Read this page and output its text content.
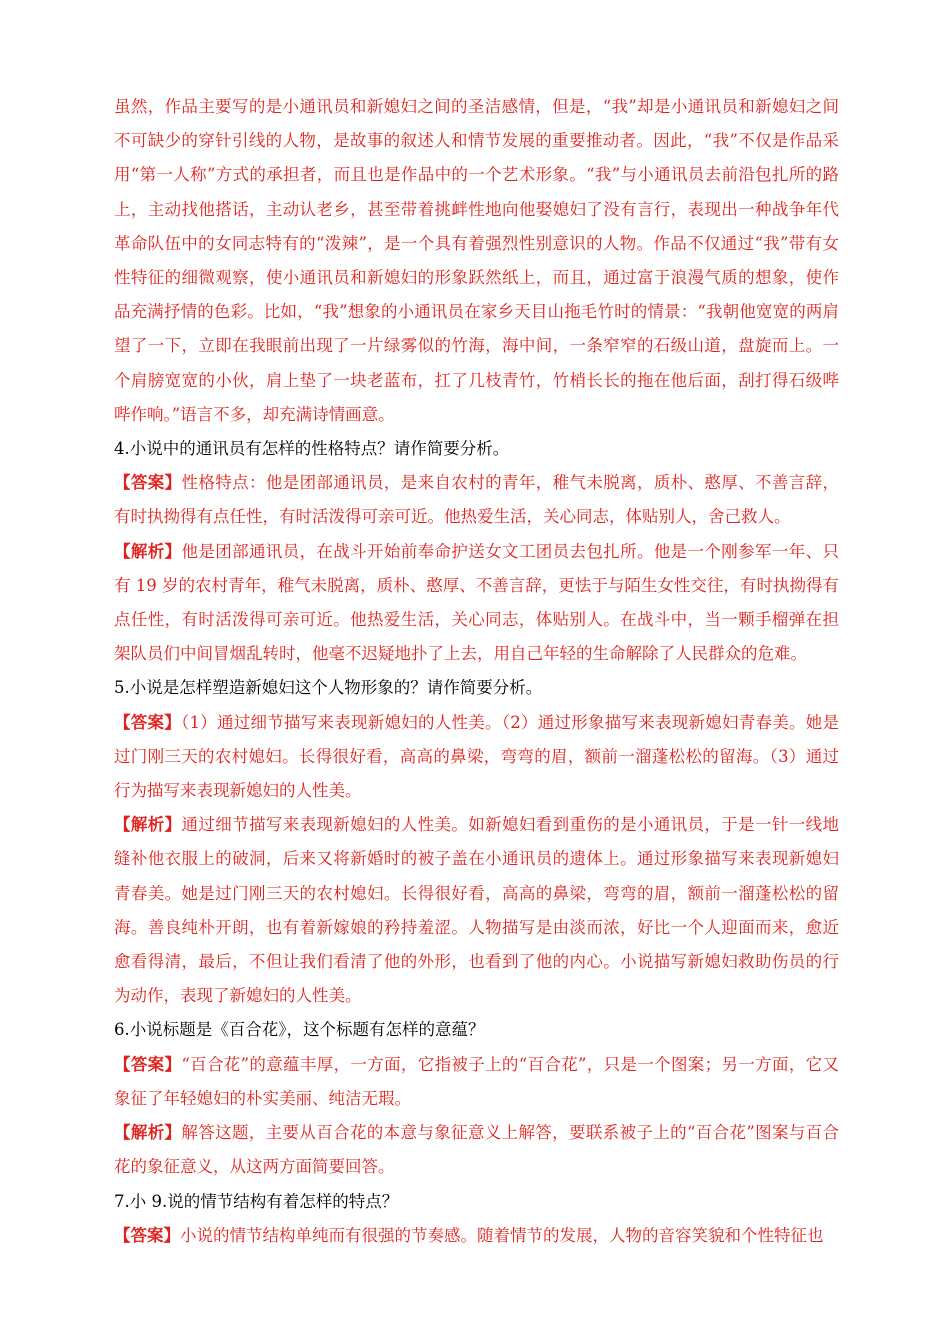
虽然，作品主要写的是小通讯员和新媳妇之间的圣洁感情，但是，“我”却是小通讯员和新媳妇之间不可缺少的穿针引线的人物，是故事的叙述人和情节发展的重要推动者。因此，“我”不仅是作品采用“第一人称”方式的承担者，而且也是作品中的一个艺术形象。“我”与小通讯员去前沿包扎所的路上，主动找他搭话，主动认老乡，甚至带着挑衅性地向他娶媳妇了没有言行，表现出一种战争年代革命队伍中的女同志特有的“泼辣”，是一个具有着强烈性别意识的人物。作品不仅通过“我”带有女性特征的细微观察，使小通讯员和新媳妇的形象跃然纸上，而且，通过富于浪漫气质的想象，使作品充满抒情的色彩。比如，“我”想象的小通讯员在家乡天目山拖毛竹时的情景：“我朝他宽宽的两肩望了一下，立即在我眼前出现了一片绿雾似的竹海，海中间，一条窄窄的石级山道，盘旋而上。一个肩膀宽宽的小伙，肩上垫了一块老蓝布，扛了几枝青竹，竹梢长长的拖在他后面，刮打得石级哔哔作响。”语言不多，却充满诗情画意。

4.小说中的通讯员有怎样的性格特点？请作简要分析。

【答案】性格特点：他是团部通讯员，是来自农村的青年，稚气未脱离，质朴、憨厚、不善言辞，有时执拗得有点任性，有时活泼得可亲可近。他热爱生活，关心同志，体贴别人，舍己救人。

【解析】他是团部通讯员，在战斗开始前奉命护送女文工团员去包扎所。他是一个刚参军一年、只有 19 岁的农村青年，稚气未脱离，质朴、憨厚、不善言辞，更怯于与陌生女性交往，有时执拗得有点任性，有时活泼得可亲可近。他热爱生活，关心同志，体贴别人。在战斗中，当一颗手榴弹在担架队员们中间冒烟乱转时，他毫不迟疑地扑了上去，用自己年轻的生命解除了人民群众的危难。

5.小说是怎样塑造新媳妇这个人物形象的？请作简要分析。

【答案】（1）通过细节描写来表现新媳妇的人性美。（2）通过形象描写来表现新媳妇青春美。她是过门刚三天的农村媳妇。长得很好看，高高的鼻梁，弯弯的眉，额前一溜蓬松松的留海。（3）通过行为描写来表现新媳妇的人性美。

【解析】通过细节描写来表现新媳妇的人性美。如新媳妇看到重伤的是小通讯员，于是一针一线地缝补他衣服上的破洞，后来又将新婚时的被子盖在小通讯员的遗体上。通过形象描写来表现新媳妇青春美。她是过门刚三天的农村媳妇。长得很好看，高高的鼻梁，弯弯的眉，额前一溜蓬松松的留海。善良纯朴开朗，也有着新嫁娘的矜持羞涩。人物描写是由淡而浓，好比一个人迎面而来，愈近愈看得清，最后，不但让我们看清了他的外形，也看到了他的内心。小说描写新媳妇救助伤员的行为动作，表现了新媳妇的人性美。

6.小说标题是《百合花》，这个标题有怎样的意蕴？

【答案】“百合花”的意蕴丰厚，一方面，它指被子上的“百合花”，只是一个图案；另一方面，它又象征了年轻媳妇的朴实美丽、纯洁无瑕。

【解析】解答这题，主要从百合花的本意与象征意义上解答，要联系被子上的“百合花”图案与百合花的象征意义，从这两方面简要回答。

7.小 9.说的情节结构有着怎样的特点？

【答案】小说的情节结构单纯而有很强的节奏感。随着情节的发展，人物的音容笑貌和个性特征也
